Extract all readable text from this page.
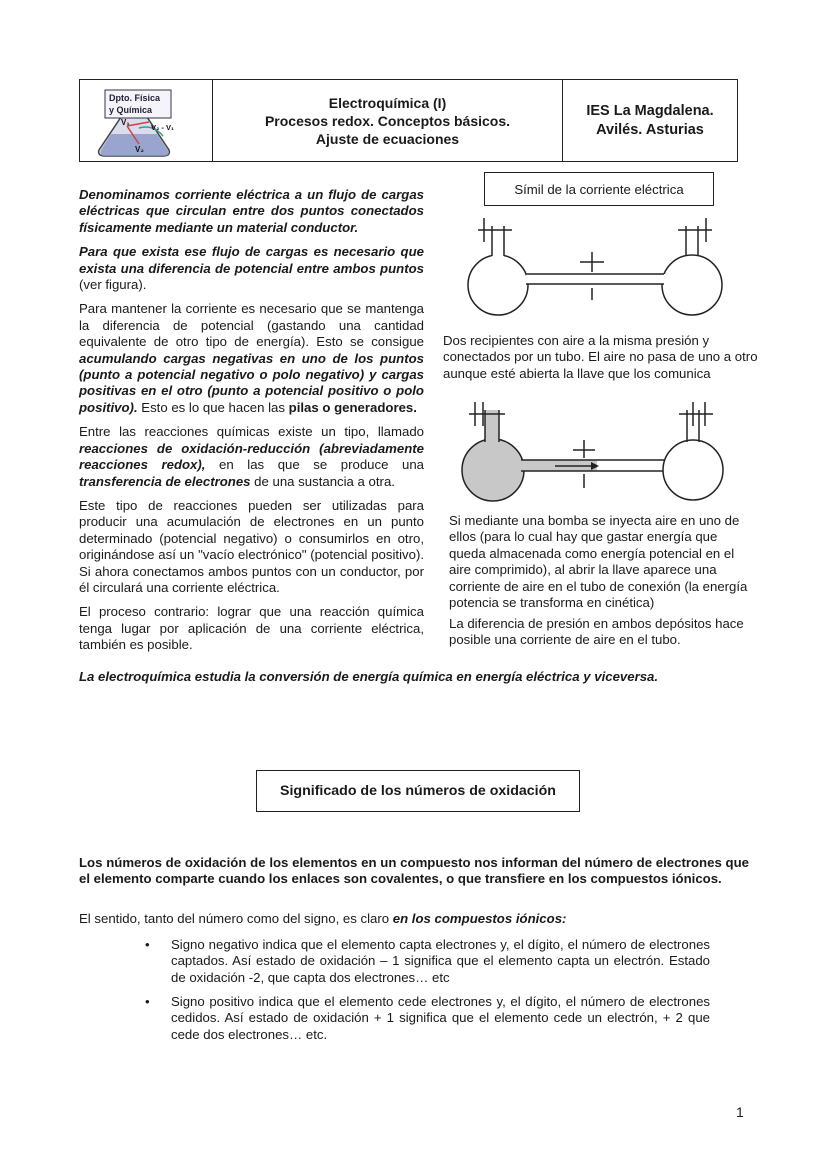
Dpto. Física
y Química
V₁
V₂
V₂ - V₁
Electroquímica (I)
Procesos redox. Conceptos básicos.
Ajuste de ecuaciones
IES La Magdalena.
Avilés. Asturias

Denominamos corriente eléctrica a un flujo de cargas eléctricas que circulan entre dos puntos conectados físicamente mediante un material conductor.

Para que exista ese flujo de cargas es necesario que exista una diferencia de potencial entre ambos puntos (ver figura).

Para mantener la corriente es necesario que se mantenga la diferencia de potencial (gastando una cantidad equivalente de otro tipo de energía). Esto se consigue acumulando cargas negativas en uno de los puntos (punto a potencial negativo o polo negativo) y cargas positivas en el otro (punto a potencial positivo o polo positivo). Esto es lo que hacen las pilas o generadores.

Entre las reacciones químicas existe un tipo, llamado reacciones de oxidación-reducción (abreviadamente reacciones redox), en las que se produce una transferencia de electrones de una sustancia a otra.

Este tipo de reacciones pueden ser utilizadas para producir una acumulación de electrones en un punto determinado (potencial negativo) o consumirlos en otro, originándose así un "vacío electrónico" (potencial positivo). Si ahora conectamos ambos puntos con un conductor, por él circulará una corriente eléctrica.

El proceso contrario: lograr que una reacción química tenga lugar por aplicación de una corriente eléctrica, también es posible.

Símil de la corriente eléctrica

Dos recipientes con aire a la misma presión y conectados por un tubo. El aire no pasa de uno a otro aunque esté abierta la llave que los comunica

Si mediante una bomba se inyecta aire en uno de ellos (para lo cual hay que gastar energía que queda almacenada como energía potencial en el aire comprimido), al abrir la llave aparece una corriente de aire en el tubo de conexión (la energía potencia se transforma en cinética)

La diferencia de presión en ambos depósitos hace posible una corriente de aire en el tubo.

La electroquímica estudia la conversión de energía química en energía eléctrica y viceversa.

Significado de los números de oxidación

Los números de oxidación de los elementos en un compuesto nos informan del número de electrones que el elemento comparte cuando los enlaces son covalentes, o que transfiere en los compuestos iónicos.

El sentido, tanto del número como del signo, es claro en los compuestos iónicos:

• Signo negativo indica que el elemento capta electrones y, el dígito, el número de electrones captados. Así estado de oxidación – 1 significa que el elemento capta un electrón. Estado de oxidación -2, que capta dos electrones… etc

• Signo positivo indica que el elemento cede electrones y, el dígito, el número de electrones cedidos. Así estado de oxidación + 1 significa que el elemento cede un electrón, + 2 que cede dos electrones… etc.

1
